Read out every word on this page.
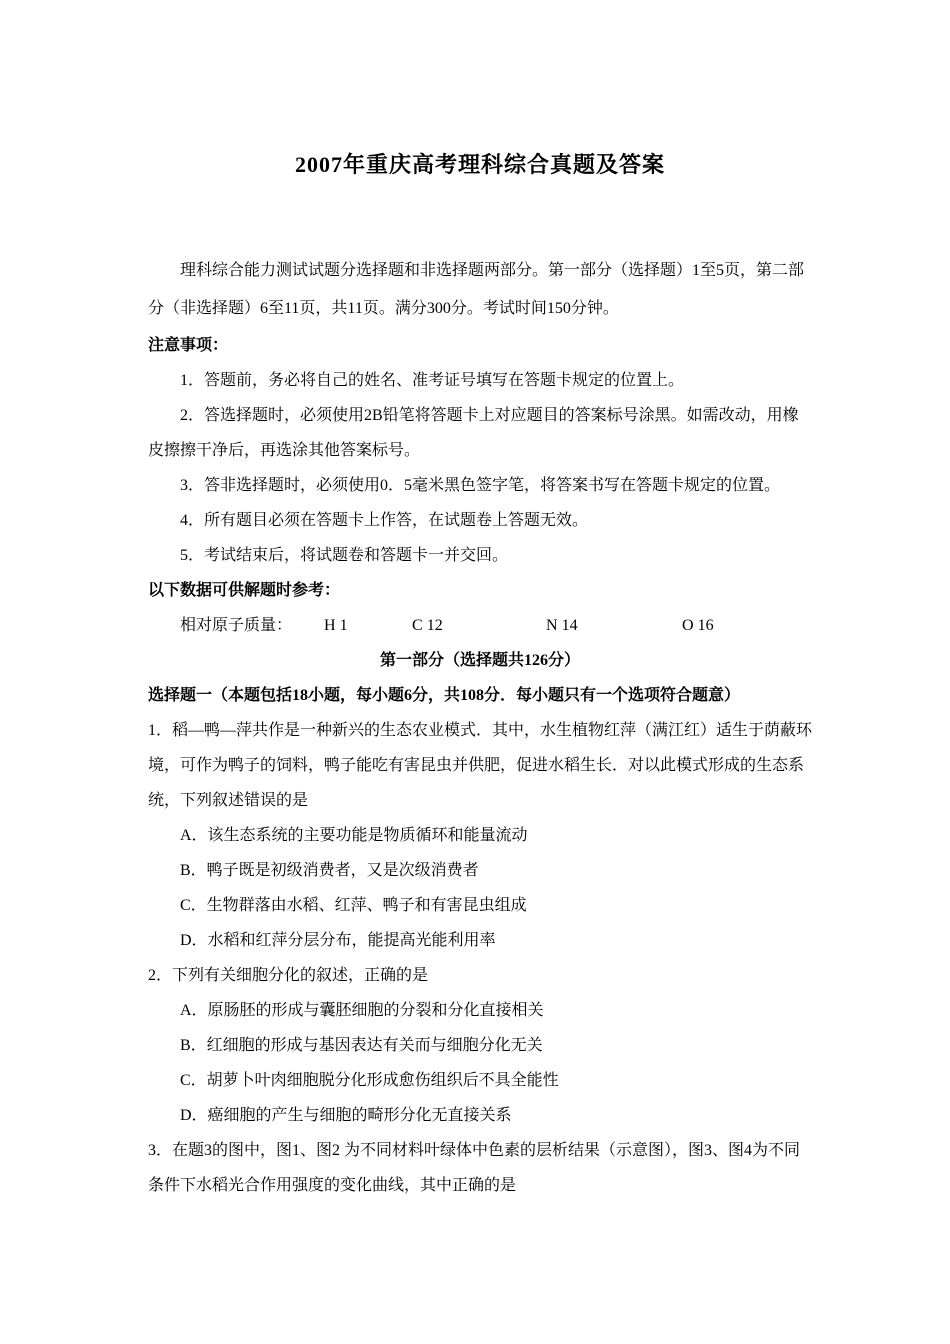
2007年重庆高考理科综合真题及答案

理科综合能力测试试题分选择题和非选择题两部分。第一部分（选择题）1至5页，第二部分（非选择题）6至11页，共11页。满分300分。考试时间150分钟。

注意事项：

1．答题前，务必将自己的姓名、准考证号填写在答题卡规定的位置上。

2．答选择题时，必须使用2B铅笔将答题卡上对应题目的答案标号涂黑。如需改动，用橡皮擦擦干净后，再选涂其他答案标号。

3．答非选择题时，必须使用0．5毫米黑色签字笔，将答案书写在答题卡规定的位置。

4．所有题目必须在答题卡上作答，在试题卷上答题无效。

5．考试结束后，将试题卷和答题卡一并交回。

以下数据可供解题时参考：

相对原子质量： H 1	C 12	N 14	O 16

第一部分（选择题共126分）

选择题一（本题包括18小题，每小题6分，共108分．每小题只有一个选项符合题意）

1．稻—鸭—萍共作是一种新兴的生态农业模式．其中，水生植物红萍（满江红）适生于荫蔽环境，可作为鸭子的饲料，鸭子能吃有害昆虫并供肥，促进水稻生长．对以此模式形成的生态系统，下列叙述错误的是

A．该生态系统的主要功能是物质循环和能量流动

B．鸭子既是初级消费者，又是次级消费者

C．生物群落由水稻、红萍、鸭子和有害昆虫组成

D．水稻和红萍分层分布，能提高光能利用率

2．下列有关细胞分化的叙述，正确的是

A．原肠胚的形成与囊胚细胞的分裂和分化直接相关

B．红细胞的形成与基因表达有关而与细胞分化无关

C．胡萝卜叶肉细胞脱分化形成愈伤组织后不具全能性

D．癌细胞的产生与细胞的畸形分化无直接关系

3．在题3的图中，图1、图2 为不同材料叶绿体中色素的层析结果（示意图），图3、图4为不同条件下水稻光合作用强度的变化曲线，其中正确的是
